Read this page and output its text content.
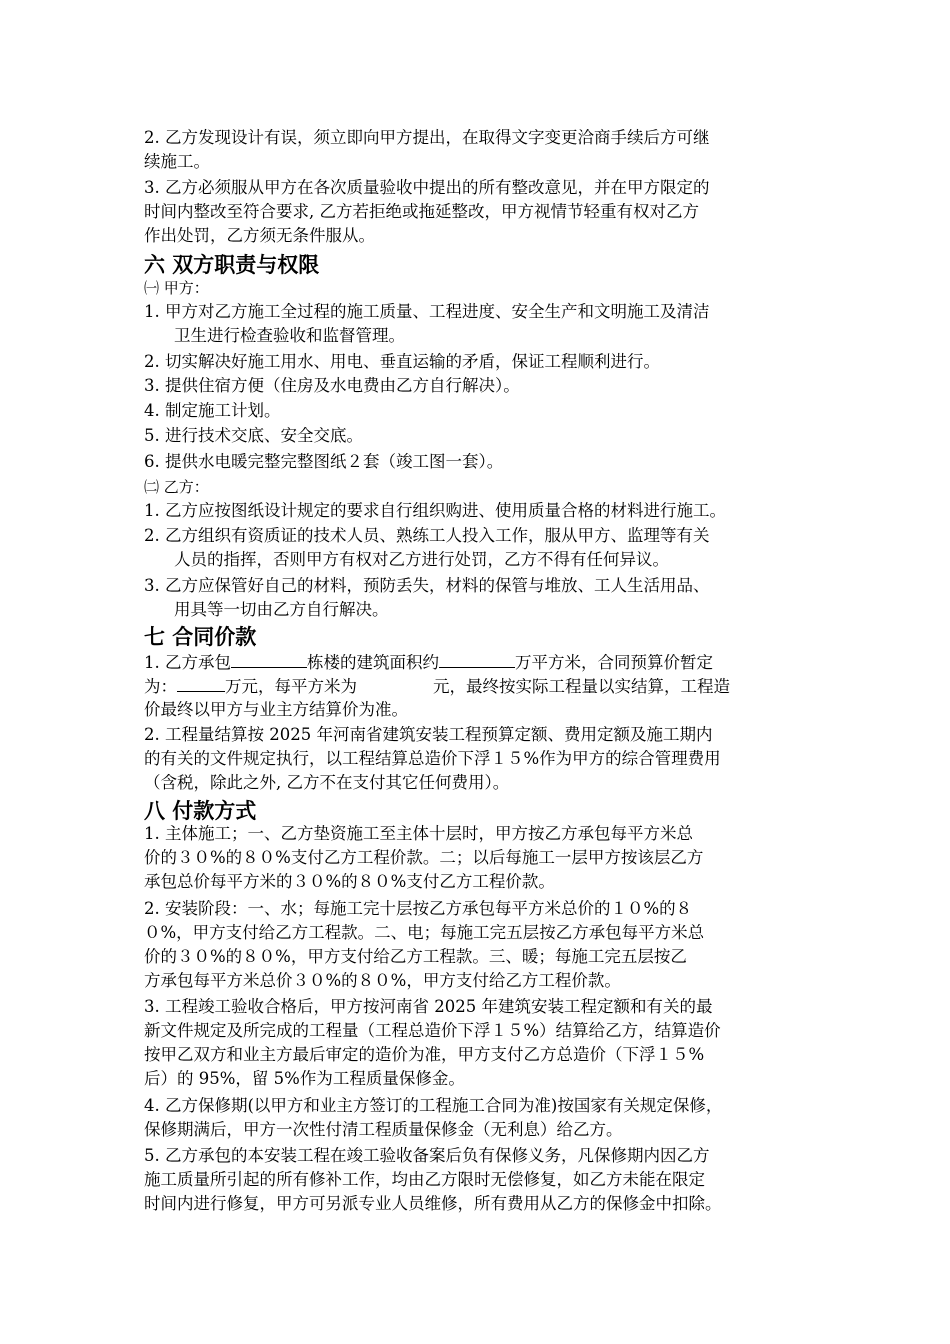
2. 乙方发现设计有误，须立即向甲方提出，在取得文字变更洽商手续后方可继
续施工。
3. 乙方必须服从甲方在各次质量验收中提出的所有整改意见，并在甲方限定的
时间内整改至符合要求, 乙方若拒绝或拖延整改，甲方视情节轻重有权对乙方
作出处罚，乙方须无条件服从。
六 双方职责与权限
㈠ 甲方：
1. 甲方对乙方施工全过程的施工质量、工程进度、安全生产和文明施工及清洁
卫生进行检查验收和监督管理。
2. 切实解决好施工用水、用电、垂直运输的矛盾，保证工程顺利进行。
3. 提供住宿方便（住房及水电费由乙方自行解决）。
4. 制定施工计划。
5. 进行技术交底、安全交底。
6. 提供水电暖完整完整图纸２套（竣工图一套）。
㈡ 乙方：
1. 乙方应按图纸设计规定的要求自行组织购进、使用质量合格的材料进行施工。
2. 乙方组织有资质证的技术人员、熟练工人投入工作，服从甲方、监理等有关
人员的指挥，否则甲方有权对乙方进行处罚，乙方不得有任何异议。
3. 乙方应保管好自己的材料，预防丢失，材料的保管与堆放、工人生活用品、
用具等一切由乙方自行解决。
七 合同价款
1. 乙方承包	栋楼的建筑面积约	万平方米，合同预算价暂定
为：	万元，每平方米为	元，最终按实际工程量以实结算，工程造
价最终以甲方与业主方结算价为准。
2. 工程量结算按 2025 年河南省建筑安装工程预算定额、费用定额及施工期内
的有关的文件规定执行，以工程结算总造价下浮１５%作为甲方的综合管理费用
（含税，除此之外, 乙方不在支付其它任何费用）。
八 付款方式
1. 主体施工；一、乙方垫资施工至主体十层时，甲方按乙方承包每平方米总
价的３０%的８０%支付乙方工程价款。二；以后每施工一层甲方按该层乙方
承包总价每平方米的３０%的８０%支付乙方工程价款。
2. 安装阶段：一、水；每施工完十层按乙方承包每平方米总价的１０%的８
０%，甲方支付给乙方工程款。二、电；每施工完五层按乙方承包每平方米总
价的３０%的８０%，甲方支付给乙方工程款。三、暖；每施工完五层按乙
方承包每平方米总价３０%的８０%，甲方支付给乙方工程价款。
3. 工程竣工验收合格后，甲方按河南省 2025 年建筑安装工程定额和有关的最
新文件规定及所完成的工程量（工程总造价下浮１５%）结算给乙方，结算造价
按甲乙双方和业主方最后审定的造价为准，甲方支付乙方总造价（下浮１５%
后）的 95%，留 5%作为工程质量保修金。
4. 乙方保修期(以甲方和业主方签订的工程施工合同为准)按国家有关规定保修，
保修期满后，甲方一次性付清工程质量保修金（无利息）给乙方。
5. 乙方承包的本安装工程在竣工验收备案后负有保修义务，凡保修期内因乙方
施工质量所引起的所有修补工作，均由乙方限时无偿修复，如乙方未能在限定
时间内进行修复，甲方可另派专业人员维修，所有费用从乙方的保修金中扣除。
